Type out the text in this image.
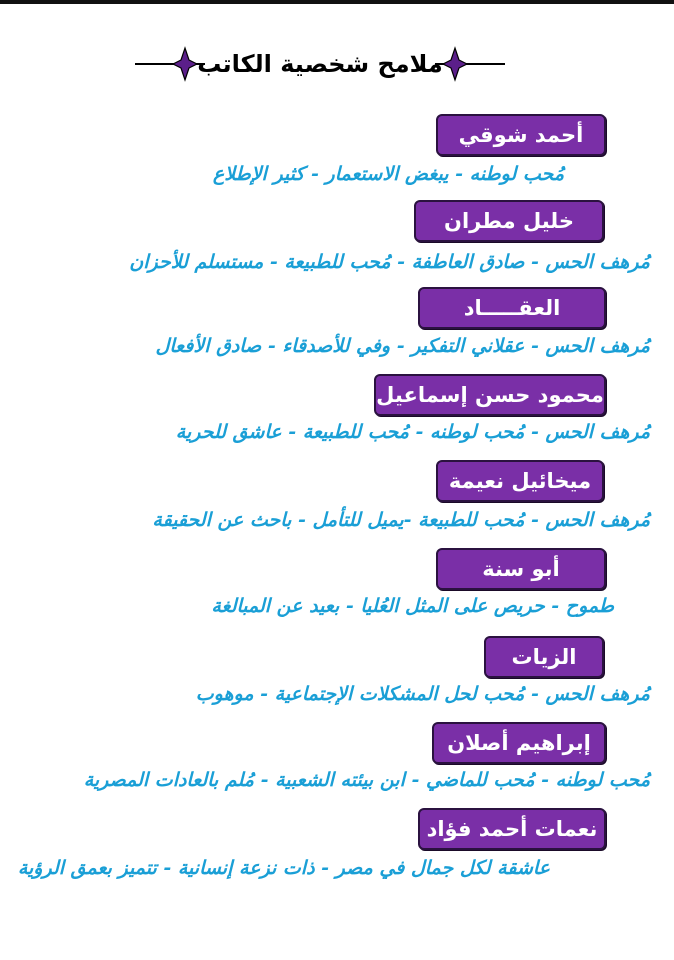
ملامح شخصية الكاتب
أحمد شوقي
مُحب لوطنه - يبغض الاستعمار - كثير الإطلاع
خليل مطران
مُرهف الحس - صادق العاطفة - مُحب للطبيعة - مستسلم للأحزان
العقـــــاد
مُرهف الحس - عقلاني التفكير - وفي للأصدقاء - صادق الأفعال
محمود حسن إسماعيل
مُرهف الحس - مُحب لوطنه - مُحب للطبيعة - عاشق للحرية
ميخائيل نعيمة
مُرهف الحس - مُحب للطبيعة -يميل للتأمل - باحث عن الحقيقة
أبو سنة
طموح - حريص على المثل العُليا - بعيد عن المبالغة
الزيات
مُرهف الحس - مُحب لحل المشكلات الإجتماعية - موهوب
إبراهيم أصلان
مُحب لوطنه - مُحب للماضي - ابن بيئته الشعبية - مُلم بالعادات المصرية
نعمات أحمد فؤاد
عاشقة لكل جمال في مصر - ذات نزعة إنسانية - تتميز بعمق الرؤية
